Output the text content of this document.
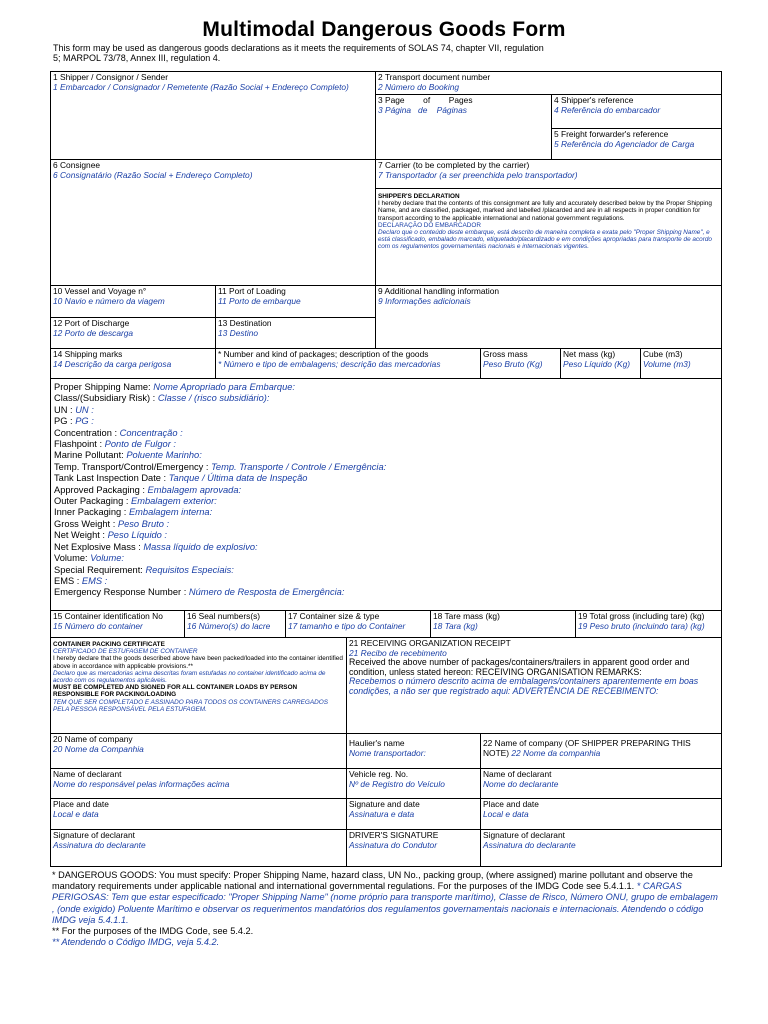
Multimodal Dangerous Goods Form
This form may be used as dangerous goods declarations as it meets the requirements of SOLAS 74, chapter VII, regulation 5; MARPOL 73/78, Annex III, regulation 4.
1 Shipper / Consignor / Sender
1 Embarcador / Consignador / Remetente (Razão Social + Endereço Completo)
2 Transport document number
2 Número do Booking
3 Page        of        Pages
3 Página   de    Páginas
4 Shipper's reference
4 Referência do embarcador
5 Freight forwarder's reference
5 Referência do Agenciador de Carga
6 Consignee
6 Consignatário (Razão Social + Endereço Completo)
7 Carrier (to be completed by the carrier)
7 Transportador (a ser preenchida pelo transportador)
SHIPPER'S DECLARATION
I hereby declare that the contents of this consignment are fully and accurately described below by the Proper Shipping Name, and are classified, packaged, marked and labelled /placarded and are in all respects in proper condition for transport according to the applicable international and national government regulations.
DECLARAÇÃO DO EMBARCADOR
Declaro que o conteúdo deste embarque, está descrito de maneira completa e exata pelo "Proper Shipping Name", e está classificado, embalado marcado, etiquetado/placardizado e em condições apropriadas para transporte de acordo com os regulamentos governamentais nacionais e internacionais vigentes.
10 Vessel and Voyage n°
10 Navio e número da viagem
11 Port of Loading
11 Porto de embarque
9 Additional handling information
9 Informações adicionais
12 Port of Discharge
12 Porto de descarga
13 Destination
13 Destino
14 Shipping marks
14 Descrição da carga perigosa
* Number and kind of packages; description of the goods
* Número e tipo de embalagens; descrição das mercadorias
Gross mass
Peso Bruto (Kg)
Net mass (kg)
Peso Líquido (Kg)
Cube (m3)
Volume (m3)
Proper Shipping Name: Nome Apropriado para Embarque:
Class/(Subsidiary Risk) : Classe / (risco subsidiário):
UN : UN :
PG : PG :
Concentration : Concentração :
Flashpoint : Ponto de Fulgor :
Marine Pollutant: Poluente Marinho:
Temp. Transport/Control/Emergency : Temp. Transporte / Controle / Emergência:
Tank Last Inspection Date : Tanque / Última data de Inspeção
Approved Packaging : Embalagem aprovada:
Outer Packaging : Embalagem exterior:
Inner Packaging : Embalagem interna:
Gross Weight : Peso Bruto :
Net Weight : Peso Líquido :
Net Explosive Mass : Massa líquido de explosivo:
Volume: Volume:
Special Requirement: Requisitos Especiais:
EMS : EMS :
Emergency Response Number : Número de Resposta de Emergência:
15 Container identification No
15 Número do container
16 Seal numbers(s)
16 Número(s) do lacre
17 Container size & type
17 tamanho e tipo do Container
18 Tare mass (kg)
18 Tara (kg)
19 Total gross (including tare) (kg)
19 Peso bruto (incluindo tara) (kg)
CONTAINER PACKING CERTIFICATE
CERTIFICADO DE ESTUFAGEM DE CONTAINER
I hereby declare that the goods described above have been packed/loaded into the container identified above in accordance with applicable provisions.**
Declaro que as mercadorias acima descritas foram estufadas no container identificado acima de acordo com os regulamentos aplicáveis.
MUST BE COMPLETED AND SIGNED FOR ALL CONTAINER LOADS BY PERSON RESPONSIBLE FOR PACKING/LOADING
TEM QUE SER COMPLETADO E ASSINADO PARA TODOS OS CONTAINERS CARREGADOS PELA PESSOA RESPONSÁVEL PELA ESTUFAGEM.
21 RECEIVING ORGANIZATION RECEIPT
21 Recibo de recebimento
Received the above number of packages/containers/trailers in apparent good order and condition, unless stated hereon: RECEIVING ORGANISATION REMARKS:
Recebemos o número descrito acima de embalagens/containers aparentemente em boas condições, a não ser que registrado aqui: ADVERTÊNCIA DE RECEBIMENTO:
20 Name of company
20 Nome da Companhia
Haulier's name
Nome transportador:
22 Name of company (OF SHIPPER PREPARING THIS NOTE) 22 Nome da companhia
Name of declarant
Nome do responsável pelas informações acima
Vehicle reg. No.
Nº de Registro do Veículo
Name of declarant
Nome do declarante
Place and date
Local e data
Signature and date
Assinatura e data
Place and date
Local e data
Signature of declarant
Assinatura do declarante
DRIVER'S SIGNATURE
Assinatura do Condutor
Signature of declarant
Assinatura do declarante
* DANGEROUS GOODS: You must specify: Proper Shipping Name, hazard class, UN No., packing group, (where assigned) marine pollutant and observe the mandatory requirements under applicable national and international governmental regulations. For the purposes of the IMDG Code see 5.4.1.1. * CARGAS PERIGOSAS: Tem que estar especificado: "Proper Shipping Name" (nome próprio para transporte marítimo), Classe de Risco, Número ONU, grupo de embalagem , (onde exigido) Poluente Marítimo e observar os requerimentos mandatórios dos regulamentos governamentais nacionais e internacionais. Atendendo o código IMDG veja 5.4.1.1.
** For the purposes of the IMDG Code, see 5.4.2.
** Atendendo o Código IMDG, veja 5.4.2.
